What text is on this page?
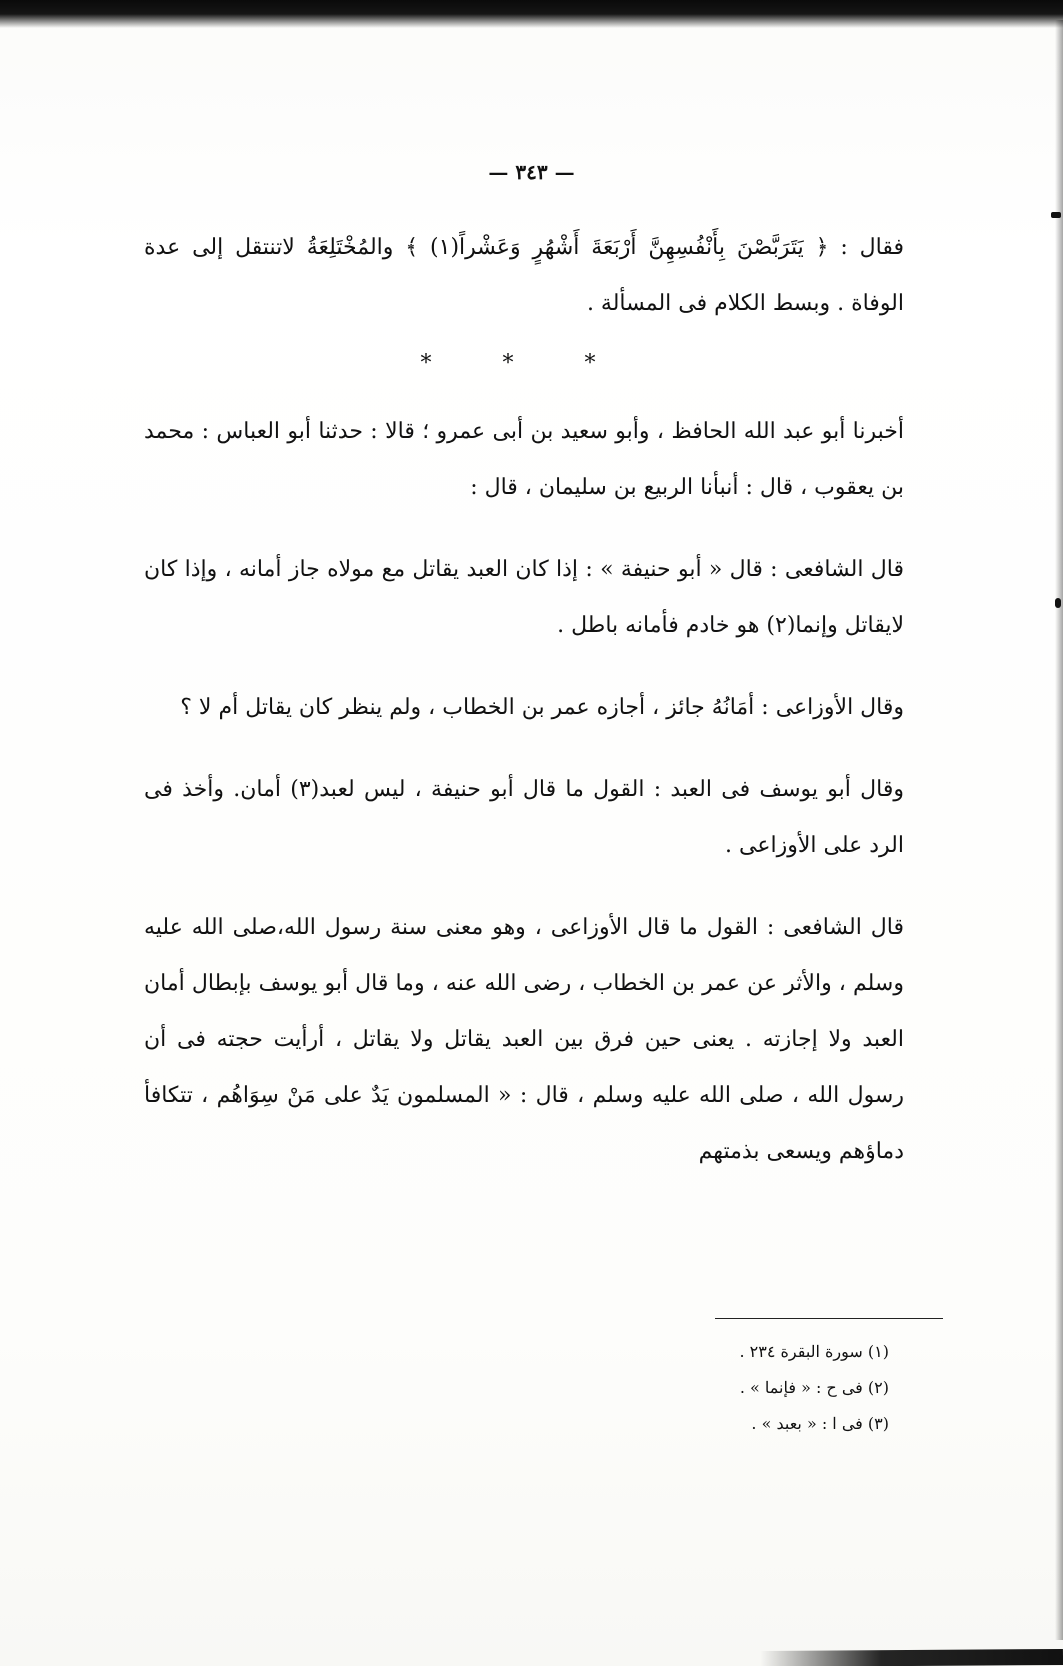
— ٣٤٣ —

فقال : ﴿ يَتَرَبَّصْنَ بِأَنْفُسِهِنَّ أَرْبَعَةَ أَشْهُرٍ وَعَشْراً(١) ﴾ والمُخْتَلِعَةُ لاتنتقل إلى عدة الوفاة . وبسط الكلام فى المسألة .

* * *

أخبرنا أبو عبد الله الحافظ ، وأبو سعيد بن أبى عمرو ؛ قالا : حدثنا أبو العباس : محمد بن يعقوب ، قال : أنبأنا الربيع بن سليمان ، قال :

قال الشافعى : قال « أبو حنيفة » : إذا كان العبد يقاتل مع مولاه جاز أمانه ، وإذا كان لايقاتل وإنما(٢) هو خادم فأمانه باطل .

وقال الأوزاعى : أمَانُهُ جائز ، أجازه عمر بن الخطاب ، ولم ينظر كان يقاتل أم لا ؟

وقال أبو يوسف فى العبد : القول ما قال أبو حنيفة ، ليس لعبد(٣) أمان. وأخذ فى الرد على الأوزاعى .

قال الشافعى : القول ما قال الأوزاعى ، وهو معنى سنة رسول الله،صلى الله عليه وسلم ، والأثر عن عمر بن الخطاب ، رضى الله عنه ، وما قال أبو يوسف بإبطال أمان العبد ولا إجازته . يعنى حين فرق بين العبد يقاتل ولا يقاتل ، أرأيت حجته فى أن رسول الله ، صلى الله عليه وسلم ، قال : « المسلمون يَدٌ على مَنْ سِوَاهُم ، تتكافأ دماؤهم ويسعى بذمتهم

(١) سورة البقرة ٢٣٤ .

(٢) فى ح : « فإنما » .

(٣) فى ا : « بعبد » .
